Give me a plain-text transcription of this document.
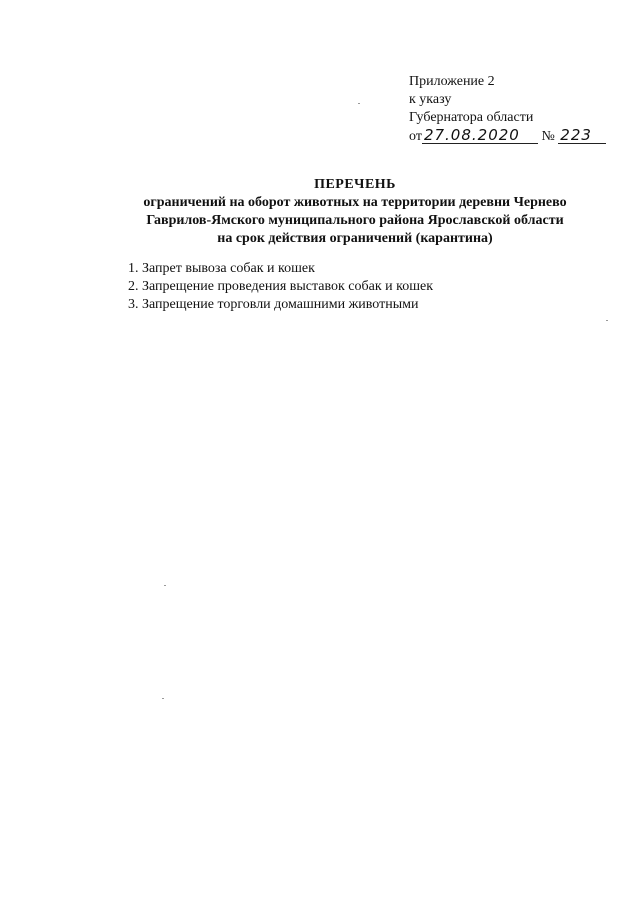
Приложение 2
к указу
Губернатора области
от 27.08.2020 № 223
ПЕРЕЧЕНЬ
ограничений на оборот животных на территории деревни Чернево
Гаврилов-Ямского муниципального района Ярославской области
на срок действия ограничений (карантина)
1. Запрет вывоза собак и кошек
2. Запрещение проведения выставок собак и кошек
3. Запрещение торговли домашними животными
